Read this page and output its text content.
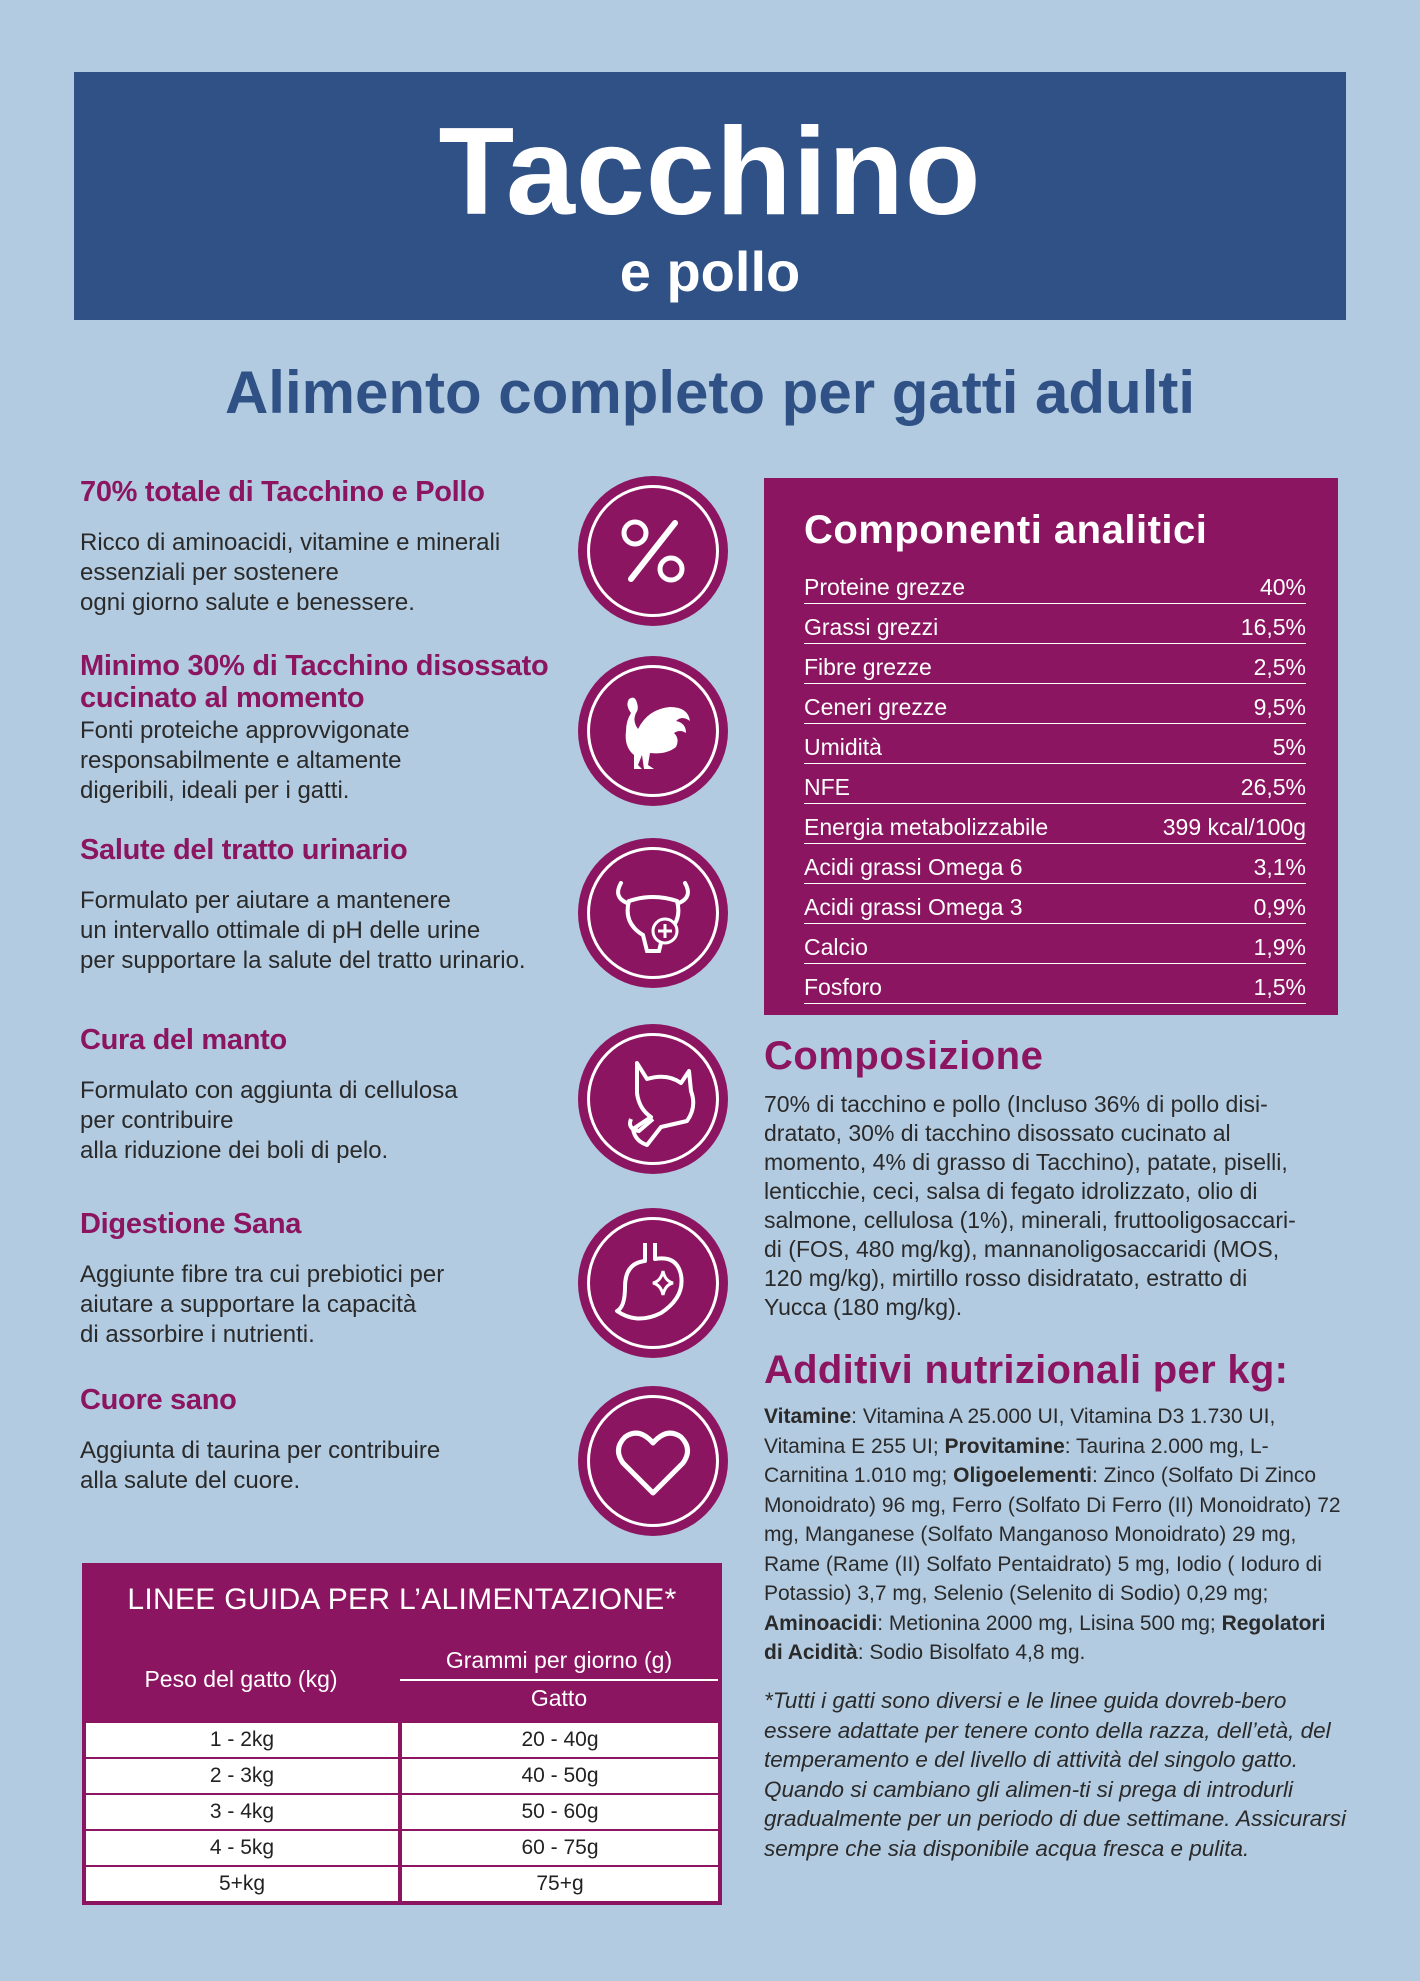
Tacchino
e pollo
Alimento completo per gatti adulti
70% totale di Tacchino e Pollo

Ricco di aminoacidi, vitamine e minerali
essenziali per sostenere
ogni giorno salute e benessere.

Minimo 30% di Tacchino disossato
cucinato al momento

Fonti proteiche approvvigonate
responsabilmente e altamente
digeribili, ideali per i gatti.

Salute del tratto urinario

Formulato per aiutare a mantenere
un intervallo ottimale di pH delle urine
per supportare la salute del tratto urinario.

Cura del manto

Formulato con aggiunta di cellulosa
per contribuire
alla riduzione dei boli di pelo.

Digestione Sana

Aggiunte fibre tra cui prebiotici per
aiutare a supportare la capacità
di assorbire i nutrienti.

Cuore sano

Aggiunta di taurina per contribuire
alla salute del cuore.

Componenti analitici
Proteine grezze	40%
Grassi grezzi	16,5%
Fibre grezze	2,5%
Ceneri grezze	9,5%
Umidità	5%
NFE	26,5%
Energia metabolizzabile	399 kcal/100g
Acidi grassi Omega 6	3,1%
Acidi grassi Omega 3	0,9%
Calcio	1,9%
Fosforo	1,5%
Composizione

70% di tacchino e pollo (Incluso 36% di pollo disi-
dratato, 30% di tacchino disossato cucinato al
momento, 4% di grasso di Tacchino), patate, piselli,
lenticchie, ceci, salsa di fegato idrolizzato, olio di
salmone, cellulosa (1%), minerali, fruttooligosaccari-
di (FOS, 480 mg/kg), mannanoligosaccaridi (MOS,
120 mg/kg), mirtillo rosso disidratato, estratto di
Yucca (180 mg/kg).

Additivi nutrizionali per kg:

Vitamine: Vitamina A 25.000 UI, Vitamina D3 1.730 UI, Vitamina E 255 UI; Provitamine: Taurina 2.000 mg, L-Carnitina 1.010 mg; Oligoelementi: Zinco (Solfato Di Zinco Monoidrato) 96 mg, Ferro (Solfato Di Ferro (II) Monoidrato) 72 mg, Manganese (Solfato Manganoso Monoidrato) 29 mg, Rame (Rame (II) Solfato Pentaidrato) 5 mg, Iodio ( Ioduro di Potassio) 3,7 mg, Selenio (Selenito di Sodio) 0,29 mg; Aminoacidi: Metionina 2000 mg, Lisina 500 mg; Regolatori di Acidità: Sodio Bisolfato 4,8 mg.

*Tutti i gatti sono diversi e le linee guida dovreb-bero essere adattate per tenere conto della razza, dell’età, del temperamento e del livello di attività del singolo gatto. Quando si cambiano gli alimen-ti si prega di introdurli gradualmente per un periodo di due settimane. Assicurarsi sempre che sia disponibile acqua fresca e pulita.

LINEE GUIDA PER L’ALIMENTAZIONE*
Peso del gatto (kg)
Grammi per giorno (g)
Gatto
1 - 2kg	20 - 40g
2 - 3kg	40 - 50g
3 - 4kg	50 - 60g
4 - 5kg	60 - 75g
5+kg	75+g
